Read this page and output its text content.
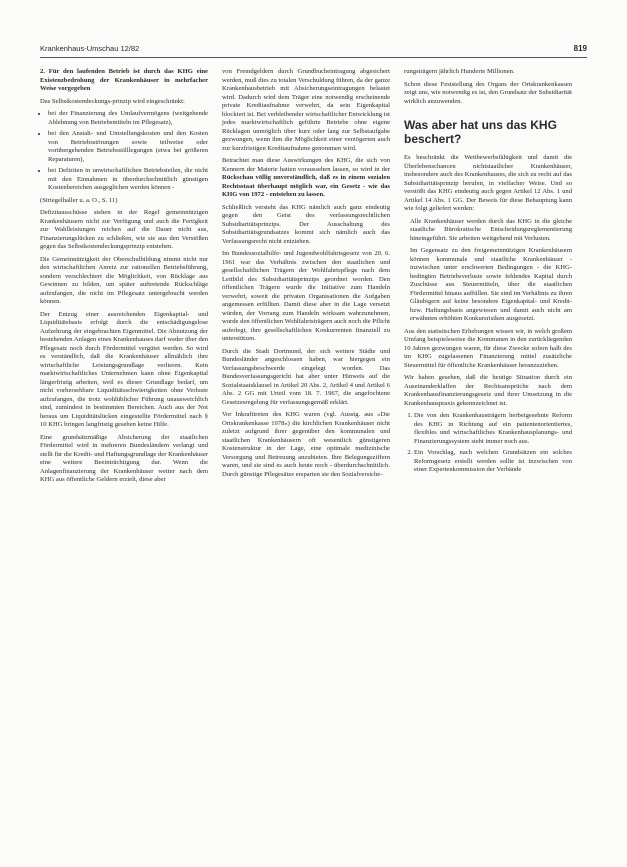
Krankenhaus-Umschau 12/82	819

2. Für den laufenden Betrieb ist durch das KHG eine Existenzbedrohung der Krankenhäuser in mehrfacher Weise vorgegeben

Das Selbstkostendeckungs-prinzip wird eingeschränkt:

• bei der Finanzierung des Umlaufvermögens (weitgehende Ablehnung von Betriebsmitteln im Pflegesatz),
• bei den Anstalt- und Umstellungskosten und den Kosten von Betriebsstörungen sowie teilweise oder vorübergehenden Betriebsstilllegungen (etwa bei größeren Reparaturen),
• bei Defiziten in unwirtschaftlichen Betriebsteilen, die nicht mit den Einnahmen in überdurchschnittlich günstigen Kostenbereichen ausgeglichen werden können -

(Striegelhaller u. a. O., S. 11)

Defizitausschüsse stehen in der Regel gemeinnützigen Krankenhäusern nicht zur Verfügung und auch die Fertigkeit zur Wahlleistungen reichen auf die Dauer nicht aus, Finanzierungslücken zu schließen, wie sie aus den Verstößen gegen das Selbstkostendeckungsprinzip entstehen.

Die Gemeinnützigkeit der Oberschulbildung nimmt nicht nur den wirtschaftlichen Anreiz zur rationellen Betriebsführung, sondern verschlechtert die Möglichkeit, von Rücklage aus Gewinnen zu bilden, um später auftretende Rückschläge aufzufangen, die nicht im Pflegesatz untergebracht werden können.

Der Entzug einer ausreichenden Eigenkapital- und Liquiditätsbasis erfolgt durch die entschädigungslose Aufzehrung der eingebrachten Eigenmittel. Die Abnutzung der bestehenden Anlagen eines Krankenhauses darf weder über den Pflegesatz noch durch Fördermittel vergütet werden. So wird es verständlich, daß die Krankenhäuser allmählich ihre wirtschaftliche Leistungsgrundlage verlieren. Kein marktwirtschaftliches Unternehmen kann ohne Eigenkapital längerfristig arbeiten, weil es dieser Grundlage bedarf, um nicht vorhersehbare Liquiditätsschwierigkeiten ohne Verluste aufzufangen, die trotz wohlüblicher Führung unausweichlich sind, zumindest in bestimmten Bereichen. Auch aus der Not heraus um Liquiditätslücken eingestellte Fördermittel nach § 10 KHG bringen langfristig gesehen keine Hilfe.

Eine grundsätzmäßige Absicherung der staatlichen Fördermittel wird in mehreren Bundesländern verlangt und stellt für die Kredit- und Haftungsgrundlage der Krankenhäuser eine weitere Beeinträchtigung dar. Wenn die Anlagenfinanzierung der Krankenhäuser weiter nach dem KHG aus öffentliche Geldern erzielt, diese aber

von Fremdgeldern durch Grundbucheintragung abgesichert werden, muß dies zu totalen Verschuldung führen, da der ganze Krankenhausbetrieb mit Absicherungseintragungen belastet wird. Dadurch wird dem Träger eine notwendig erscheinende private Kreditaufnahme verwehrt, da sein Eigenkapital blockiert ist. Bei verbleibender wirtschaftlicher Entwicklung ist jedes marktwirtschaftlich geführte Betriebe ohne eigene Rücklagen unmöglich über kurz oder lang zur Selbstaufgabe gezwungen, wenn ihm die Möglichkeit einer verzögerten auch zur kurzfristigen Kreditaufnahme genommen wird.

Betrachtet man diese Auswirkungen des KHG, die sich von Kennern der Materie hatten voraussehen lassen, so wird in der Rückschau völlig unverständlich, daß es in einem sozialen Rechtsstaat überhaupt möglich war, ein Gesetz - wie das KHG von 1972 - entstehen zu lassen.

Schließlich versteht das KHG nämlich auch ganz eindeutig gegen den Geist des verfassungsrechtlichen Subsidiaritätsprinzips. Der Ausschaltung des Subsidiaritätsgrundsatzes kommt sich nämlich auch das Verfassungsrecht nicht entziehen.

Im Bundessozialhilfe- und Jugendwohlfahrtsgesetz von 20. 6. 1961 war das Verhältnis zwischen den staatlichen und gesellschaftlichen Trägern der Wohlfahrtspflege nach dem Leitbild des Subsidiaritätsprinzips geordnet worden. Den öffentlichen Trägern wurde die Initiative zum Handeln verwehrt, soweit die privaten Organisationen die Aufgaben angemessen erfüllten. Damit diese aber in die Lage versetzt würden, der Vorrang zum Handeln wirksam wahrzunehmen, wurde den öffentlichen Wohlfahrtsträgern auch noch die Pflicht auferlegt, ihre gesellschaftlichen Konkurrenten finanziell zu unterstützen.

Durch die Stadt Dortmund, der sich weitere Städte und Bundesländer angeschlossen haben, war hiergegen ein Verfassungsbeschwerde eingelegt worden. Das Bundesverfassungsgericht hat aber unter Hinweis auf die Sozialstaatsklausel in Artikel 20 Abs. 2, Artikel 4 und Artikel 6 Abs. 2 GG mit Urteil vom 18. 7. 1967, die angefochtene Gesetzesregelung für verfassungsgemäß erklärt.

Vor Inkrafttreten des KHG waren (vgl. Ausstg. aus »Die Ortskrankenkasse 1978«) die kirchlichen Krankenhäuser nicht zuletzt aufgrund ihrer gegenüber den kommunalen und staatlichen Krankenhäusern oft wesentlich günstigeren Kostenstruktur in der Lage, eine optimale medizinische Versorgung und Betreuung anzubieten. Ihre Belegungsziffern waren, und sie sind es auch heute noch - überdurchschnittlich. Durch günstige Pflegesätze ersparten sie den Sozialversiche-

rungsträgern jährlich Hunderte Millionen.

Schon diese Feststellung des Organs der Ortskrankenkassen zeigt uns, wie notwendig es ist, den Grundsatz der Subsidiarität wirklich anzuwenden.

Was aber hat uns das KHG beschert?

Es beschränkt die Wettbewerbsfähigkeit und damit die Überlebenschancen nichtstaatlicher Krankenhäuser, insbesondere auch des Krankenhauses, die sich zu recht auf das Subsidiaritätsprinzip berufen, in vielfacher Weise. Und so verstößt das KHG eindeutig auch gegen Artikel 12 Abs. 1 und Artikel 14 Abs. 1 GG. Der Beweis für diese Behauptung kann wie folgt geliefert werden:

Alle Krankenhäuser werden durch das KHG in die gleiche staatliche Bürokratische Entscheidungsreglementierung hineingeführt. Sie arbeiten weitgehend mit Verlusten.

Im Gegensatz zu den freigemeinnützigen Krankenhäusern können kommunale und staatliche Krankenhäuser - inzwischen unter erschwerten Bedingungen - die KHG-bedingten Betriebsverluste sowie fehlendes Kapital durch Zuschüsse aus Steuermitteln, über die staatlichen Fördermittel hinaus auffüllen. Sie sind im Verhältnis zu ihren Gläubigern auf keine besondere Eigenkapital- und Kredit-bzw. Haftungsbasis angewiesen und damit auch nicht am erwähnten erhöhten Konkursrisiken ausgesetzt.

Aus den statistischen Erhebungen wissen wir, in welch großem Umfang beispielsweise die Kommunen in den zurückliegenden 10 Jahren gezwungen waren, für diese Zwecke sofern halb des im KHG zugelassenen Finanzierung mittel zusätzliche Steuermittel für öffentliche Krankenhäuser heranzuziehen.

Wir haben gesehen, daß die heutige Situation durch ein Auseinanderklaffen der Rechtsansprüche nach dem Krankenhausfinanzierungsgesetz und ihrer Umsetzung in die Krankenhauspraxis gekennzeichnet ist.

1. Die von den Krankenhausträgern herbeigesehnte Reform des KHG in Richtung auf ein patientenorientiertes, flexibles und wirtschaftliches Krankenhausplanungs- und Finanzierungssystem steht immer noch aus.
2. Ein Vorschlag, nach welchen Grundsätzen ein solches Reformgesetz erstellt werden sollte ist inzwischen von einer Expertenkommission der Verbände
